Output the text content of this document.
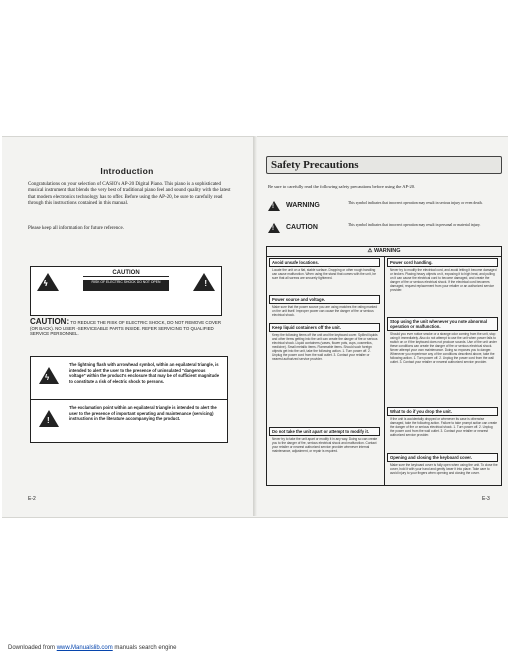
Introduction

Congratulations on your selection of CASIO's AP-20 Digital Piano. This piano is a sophisticated musical instrument that blends the very best of traditional piano feel and sound quality with the latest that modern electronics technology has to offer. Before using the AP-20, be sure to carefully read through this instructions contained in this manual.

Please keep all information for future reference.

ϟ
CAUTION
RISK OF ELECTRIC SHOCK DO NOT OPEN	!

CAUTION: TO REDUCE THE RISK OF ELECTRIC SHOCK, DO NOT REMOVE COVER (OR BACK). NO USER -SERVICEABLE PARTS INSIDE. REFER SERVICING TO QUALIFIED SERVICE PERSONNEL.

ϟ

The lightning flash with arrowhead symbol, within an equilateral triangle, is intended to alert the user to the presence of uninsulated "dangerous voltage" within the product's enclosure that may be of sufficient magnitude to constitute a risk of electric shock to persons.

!

The exclamation point within an equilateral triangle is intended to alert the user to the presence of important operating and maintenance (servicing) instructions in the literature accompanying the product.

E-2
Safety Precautions

Be sure to carefully read the following safety precautions before using the AP-20.

! WARNING	This symbol indicates that incorrect operation may result in serious injury or even death.

! CAUTION	This symbol indicates that incorrect operation may result in personal or material injury.

⚠ WARNING
Avoid unsafe locations.

Locate the unit on a flat, stable surface. Dropping or other rough handling can cause malfunction. When using the stand that comes with the unit, be sure that all screws are securely tightened.

Power source and voltage.

Make sure that the power source you are using matches the rating marked on the unit itself. Improper power can cause the danger of fire or serious electrical shock.

Keep liquid containers off the unit.

Keep the following items off the unit and the keyboard cover. Spilled liquids and other items getting into the unit can create the danger of fire or serious electrical shock. Liquid containers (vases, flower pots, cups, cosmetics, medicine). Small metallic items. Flammable items. Should such foreign objects get into the unit, take the following action. 1. Turn power off. 2. Unplug the power cord from the wall outlet. 3. Contact your retailer or nearest authorized service provider.

Do not take the unit apart or attempt to modify it.

Never try to take the unit apart or modify it in any way. Doing so can create you to the danger of fire, serious electrical shock and malfunction. Contact your retailer or nearest authorized service provider whenever internal maintenance, adjustment, or repair is required.

Power cord handling.

Never try to modify the electrical cord, and avoid letting it become damaged or broken. Placing heavy objects on it, exposing it to high heat, and pulling on it can cause the electrical cord to become damaged, and create the danger of fire or serious electrical shock. If the electrical cord becomes damaged, request replacement from your retailer or an authorized service provider.

Stop using the unit whenever you note abnormal operation or malfunction.

Should you ever notice smoke or a strange odor coming from the unit, stop using it immediately. Also do not attempt to use the unit when power fails to switch on or if the keyboard does not produce sounds. Use of the unit under these conditions can create the danger of fire or serious electrical shock. Never attempt your own maintenance. Doing so exposes you to danger. Whenever you experience any of the conditions described above, take the following action. 1. Turn power off. 2. Unplug the power cord from the wall outlet. 3. Contact your retailer or nearest authorized service provider.

What to do if you drop the unit.

If the unit is accidentally dropped or whenever its case is otherwise damaged, take the following action. Failure to take prompt action can create the danger of fire or serious electrical shock. 1. Turn power off. 2. Unplug the power cord from the wall outlet. 3. Contact your retailer or nearest authorized service provider.

Opening and closing the keyboard cover.

Make sure the keyboard cover is fully open when using the unit. To close the cover, hold it with your hand and gently lower it into place. Take care to avoid injury to your fingers when opening and closing the cover.

E-3
Downloaded from www.Manualslib.com manuals search engine
